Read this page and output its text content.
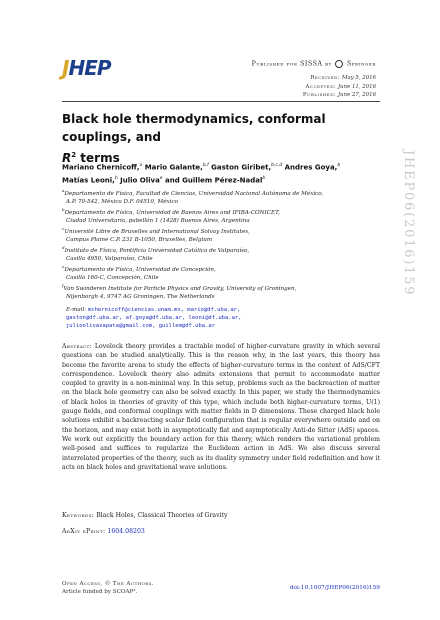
JHEP	Published for SISSA by Springer
Received: May 5, 2016
Accepted: June 11, 2016
Published: June 27, 2016
Black hole thermodynamics, conformal couplings, and
$R^2$ terms
Mariano Chernicoff,$^a$ Mario Galante,$^{b,f}$ Gaston Giribet,$^{b,c,d}$ Andres Goya,$^b$
Matías Leoni,$^b$ Julio Oliva$^e$ and Guillem Pérez-Nadal$^b$
$^a$Departamento de Física, Facultad de Ciencias, Universidad Nacional Autónoma de México,
A.P. 70-542, México D.F. 04510, México
$^b$Departamento de Física, Universidad de Buenos Aires and IFIBA-CONICET,
Ciudad Universitaria, pabellón 1 (1428) Buenos Aires, Argentina
$^c$Université Libre de Bruxelles and International Solvay Institutes,
Campus Plaine C.P. 231 B-1050, Bruxelles, Belgium
$^d$Instituto de Física, Pontificia Universidad Católica de Valparaíso,
Casilla 4950, Valparaíso, Chile
$^e$Departamento de Física, Universidad de Concepción,
Casilla 160-C, Concepción, Chile
$^f$Van Swinderen Institute for Particle Physics and Gravity, University of Groningen,
Nijenborgh 4, 9747 AG Groningen, The Netherlands
E-mail: mchernicoff@ciencias.unam.mx, mario@df.uba.ar,
gaston@df.uba.ar, af.goya@df.uba.ar, leoni@df.uba.ar,
julioolivazapata@gmail.com, guillem@df.uba.ar
Abstract: Lovelock theory provides a tractable model of higher-curvature gravity in which several questions can be studied analytically. This is the reason why, in the last years, this theory has become the favorite arena to study the effects of higher-curvature terms in the context of AdS/CFT correspondence. Lovelock theory also admits extensions that permit to accommodate matter coupled to gravity in a non-minimal way. In this setup, problems such as the backreaction of matter on the black hole geometry can also be solved exactly. In this paper, we study the thermodynamics of black holes in theories of gravity of this type, which include both higher-curvature terms, U(1) gauge fields, and conformal couplings with matter fields in D dimensions. These charged black hole solutions exhibit a backreacting scalar field configuration that is regular everywhere outside and on the horizon, and may exist both in asymptotically flat and asymptotically Anti-de Sitter (AdS) spaces. We work out explicitly the boundary action for this theory, which renders the variational problem well-posed and suffices to regularize the Euclidean action in AdS. We also discuss several interrelated properties of the theory, such as its duality symmetry under field redefinition and how it acts on black holes and gravitational wave solutions.
Keywords: Black Holes, Classical Theories of Gravity
ArXiv ePrint: 1604.08203
Open Access, © The Authors.
Article funded by SCOAP³.
doi:10.1007/JHEP06(2016)159
JHEP06(2016)159
